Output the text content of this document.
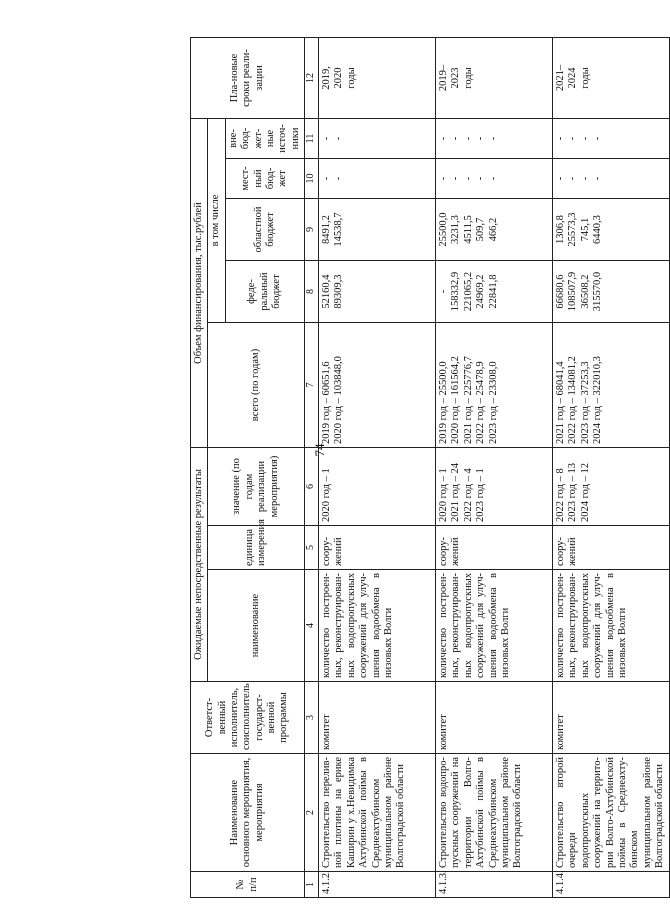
74
№ п/п	Наименование основного мероприятия, мероприятия	Ответст-венный исполнитель, соисполнитель государст-венной программы	Ожидаемые непосредственные результаты			Объем финансирования, тыс.рублей					Пла-новые сроки реали-зации
			наименование	единица измерения	значение (по годам реализации мероприятия)	всего (по годам)	в том числе				
							феде-ральный бюджет	областной бюджет	мест-ный бюд-жет	вне-бюд-жет-ные источ-ники	
1	2	3	4	5	6	7	8	9	10	11	12
4.1.2.	Строительство перелив-ной плотины на ерике Каширин у х.Невидимка Ахтубинской поймы в Среднеахтубинском муниципальном районе Волгоградской области	комитет	количество построен-ных, реконструирован-ных водопропускных сооружений для улуч-шения водообмена в низовьях Волги	соору-жений	2020 год – 1	2019 год – 60651,6 2020 год – 103848,0	52160,4 89309,3	8491,2 14538,7	- -	- -	2019, 2020 годы

4.1.3.	Строительство водопро-пускных сооружений на территории Волго-Ахтубинской поймы в Среднеахтубинском муниципальном районе Волгоградской области	комитет	количество построен-ных, реконструирован-ных водопропускных сооружений для улуч-шения водообмена в низовьях Волги	соору-жений	2020 год – 1 2021 год – 24 2022 год – 4 2023 год – 1	2019 год – 25500,0 2020 год – 161564,2 2021 год – 225776,7 2022 год – 25478,9 2023 год – 23308,0	- 158332,9 221065,2 24969,2 22841,8	25500,0 3231,3 4511,5 509,7 466,2	- - - - -	- - - - -	2019– 2023 годы

4.1.4.	Строительство второй очереди водопропускных сооружений на террито-рии Волго-Ахтубинской поймы в Среднеахту-бинском муниципальном районе Волгоградской области	комитет	количество построен-ных, реконструирован-ных водопропускных сооружений для улуч-шения водообмена в низовьях Волги	соору-жений	2022 год – 8 2023 год – 13 2024 год – 12	2021 год – 68041,4 2022 год – 134081,2 2023 год – 37253,3 2024 год – 322010,3	66680,6 108507,9 36508,2 315570,0	1306,8 25573,3 745,1 6440,3	- - - -	- - - -	2021– 2024 годы
